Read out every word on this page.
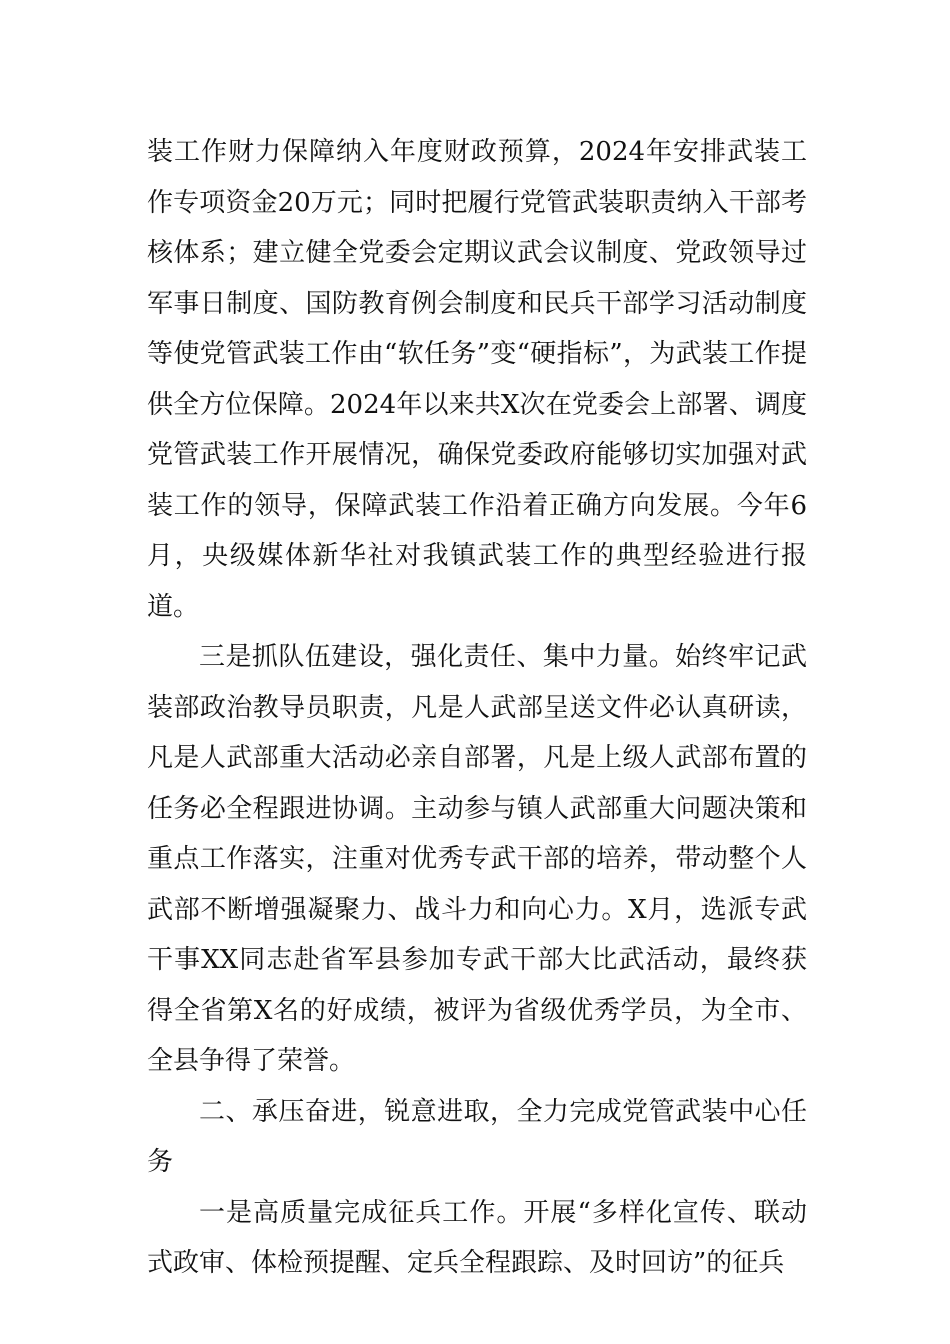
装工作财力保障纳入年度财政预算，2024年安排武装工作专项资金20万元；同时把履行党管武装职责纳入干部考核体系；建立健全党委会定期议武会议制度、党政领导过军事日制度、国防教育例会制度和民兵干部学习活动制度等使党管武装工作由“软任务”变“硬指标”，为武装工作提供全方位保障。2024年以来共X次在党委会上部署、调度党管武装工作开展情况，确保党委政府能够切实加强对武装工作的领导，保障武装工作沿着正确方向发展。今年6月，央级媒体新华社对我镇武装工作的典型经验进行报道。

三是抓队伍建设，强化责任、集中力量。始终牢记武装部政治教导员职责，凡是人武部呈送文件必认真研读，凡是人武部重大活动必亲自部署，凡是上级人武部布置的任务必全程跟进协调。主动参与镇人武部重大问题决策和重点工作落实，注重对优秀专武干部的培养，带动整个人武部不断增强凝聚力、战斗力和向心力。X月，选派专武干事XX同志赴省军县参加专武干部大比武活动，最终获得全省第X名的好成绩，被评为省级优秀学员，为全市、全县争得了荣誉。

二、承压奋进，锐意进取，全力完成党管武装中心任务

一是高质量完成征兵工作。开展“多样化宣传、联动式政审、体检预提醒、定兵全程跟踪、及时回访”的征兵
